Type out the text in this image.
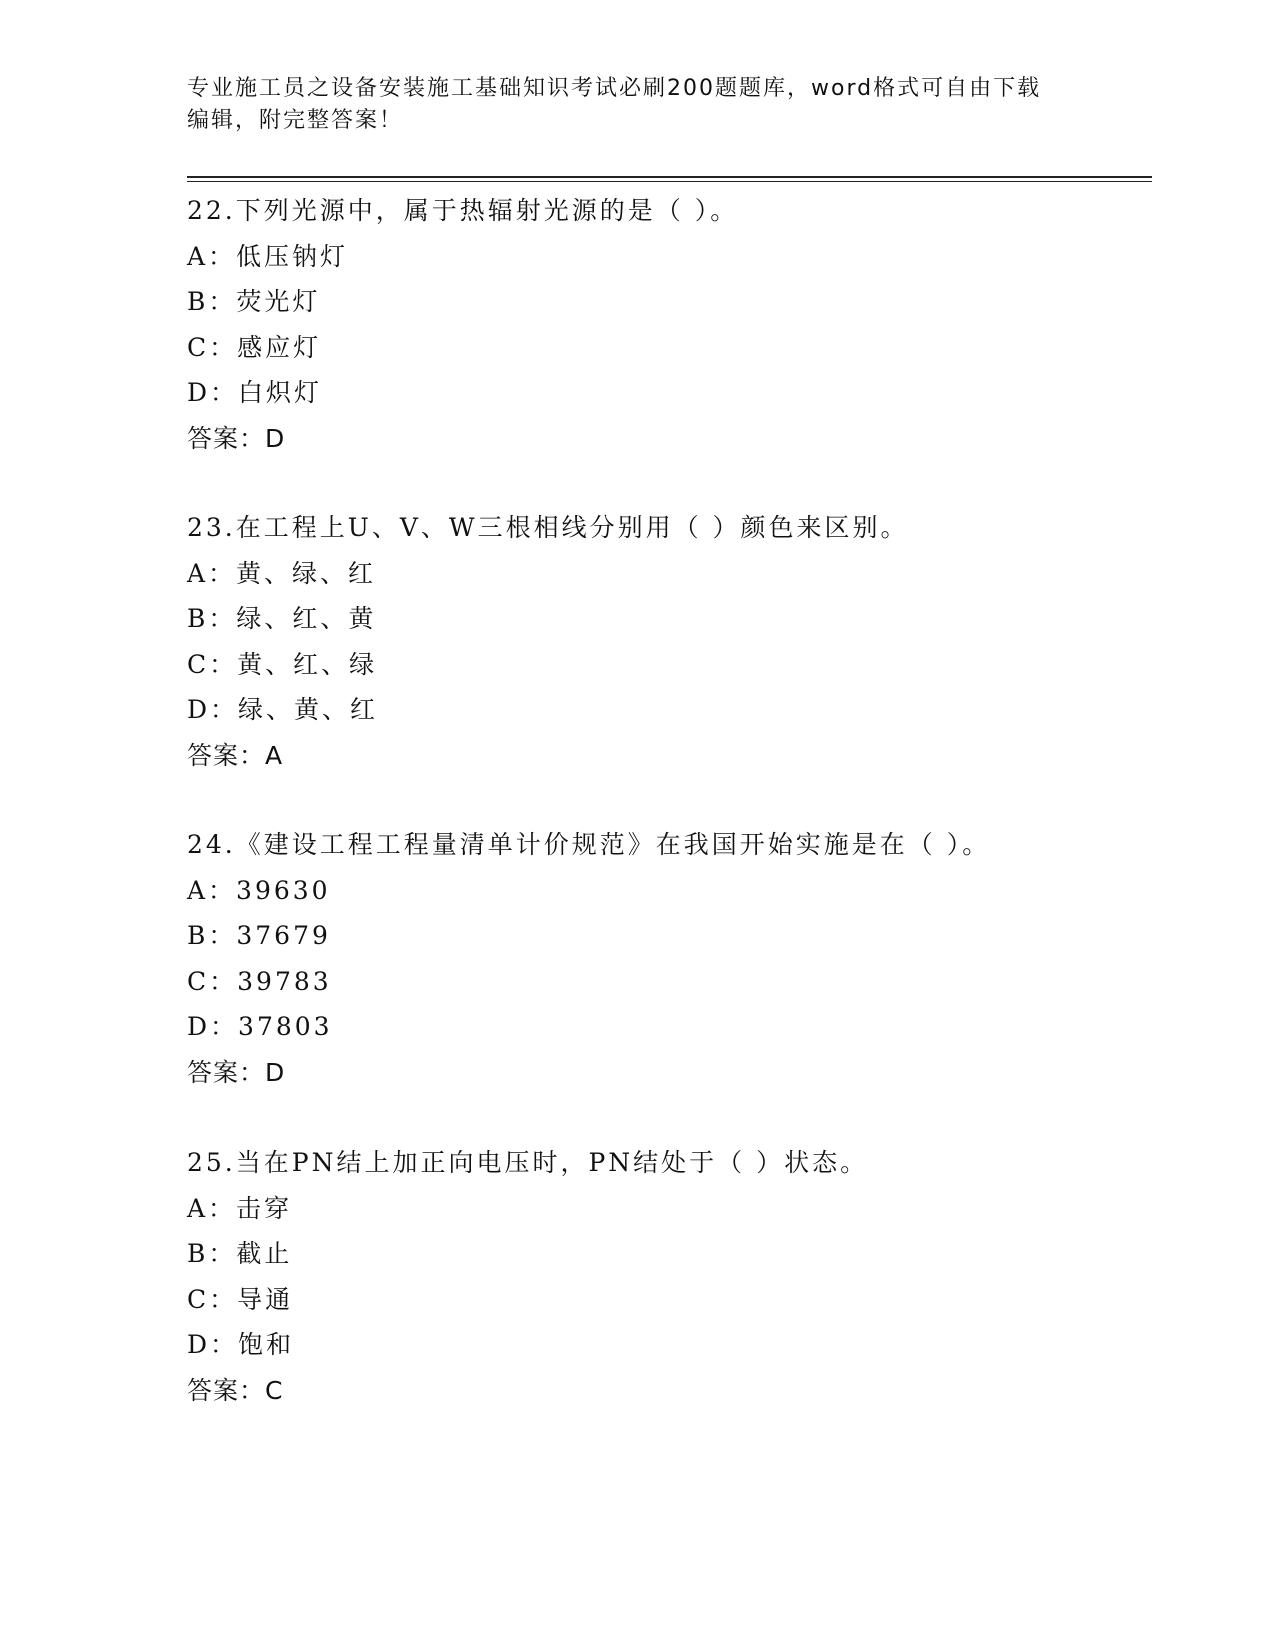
专业施工员之设备安装施工基础知识考试必刷200题题库，word格式可自由下载
编辑，附完整答案！
22.下列光源中，属于热辐射光源的是（ ）。
A：低压钠灯
B：荧光灯
C：感应灯
D：白炽灯
答案：D
23.在工程上U、V、W三根相线分别用（ ）颜色来区别。
A：黄、绿、红
B：绿、红、黄
C：黄、红、绿
D：绿、黄、红
答案：A
24.《建设工程工程量清单计价规范》在我国开始实施是在（ ）。
A：39630
B：37679
C：39783
D：37803
答案：D
25.当在PN结上加正向电压时，PN结处于（ ）状态。
A：击穿
B：截止
C：导通
D：饱和
答案：C
